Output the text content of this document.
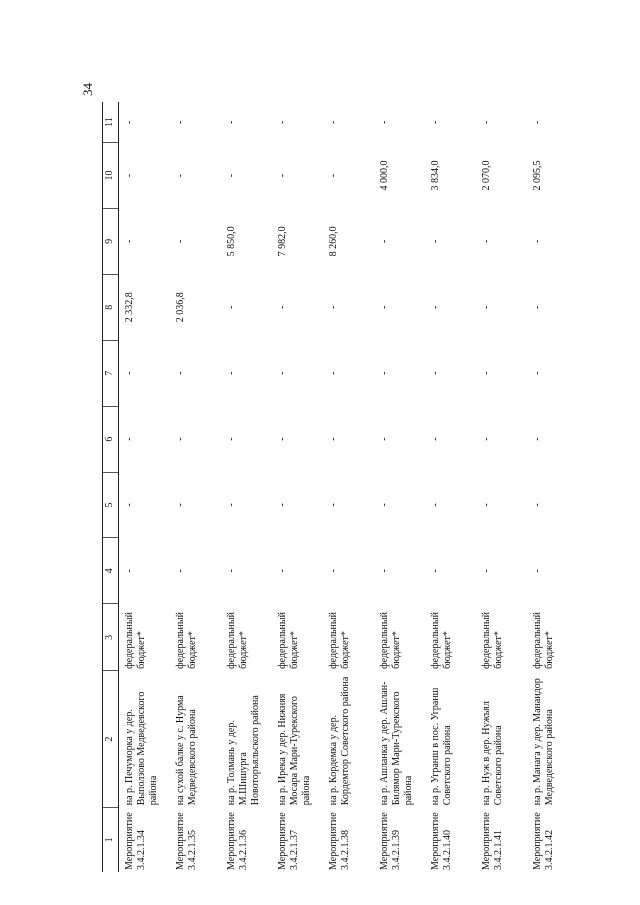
34
1	2	3	4	5	6	7	8	9	10	11
Мероприятие 3.4.2.1.34	на р. Печуморка у дер. Выползово Медведевского района	федеральный бюджет*	-	-	-	-	2 332,8	-	-	-
Мероприятие 3.4.2.1.35	на сухой балке у с. Нурма Медведевского района	федеральный бюджет*	-	-	-	-	2 036,8	-	-	-
Мероприятие 3.4.2.1.36	на р. Толмань у дер. М.Шишургa Новоторъяльского района	федеральный бюджет*	-	-	-	-	-	5 850,0	-	-
Мероприятие 3.4.2.1.37	на р. Ирека у дер. Нижняя Мосара Мари-Турекского района	федеральный бюджет*	-	-	-	-	-	7 982,0	-	-
Мероприятие 3.4.2.1.38	на р. Кордемка у дер. Кордемтор Советского района	федеральный бюджет*	-	-	-	-	-	8 260,0	-	-
Мероприятие 3.4.2.1.39	на р. Ашланка у дер. Ашлан-Билямор Мари-Турекского района	федеральный бюджет*	-	-	-	-	-	-	4 000,0	-
Мероприятие 3.4.2.1.40	на р. Угранш в пос. Угранш Советского района	федеральный бюджет*	-	-	-	-	-	-	3 834,0	-
Мероприятие 3.4.2.1.41	на р. Нуж в дер. Нужъял Советского района	федеральный бюджет*	-	-	-	-	-	-	2 070,0	-
Мероприятие 3.4.2.1.42	на р. Манага у дер. Манаидор Медведевского района	федеральный бюджет*	-	-	-	-	-	-	2 095,5	-
